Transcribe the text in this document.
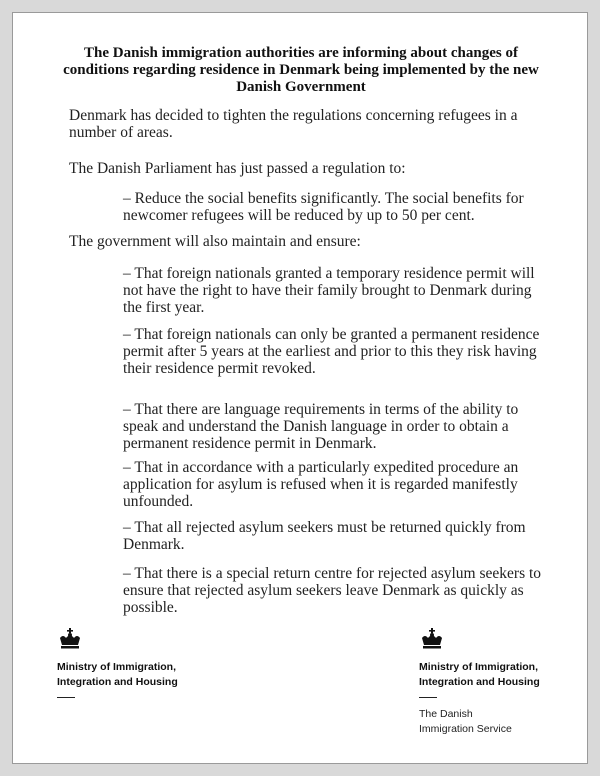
The Danish immigration authorities are informing about changes of conditions regarding residence in Denmark being implemented by the new Danish Government
Denmark has decided to tighten the regulations concerning refugees in a number of areas.
The Danish Parliament has just passed a regulation to:
– Reduce the social benefits significantly. The social benefits for newcomer refugees will be reduced by up to 50 per cent.
The government will also maintain and ensure:
– That foreign nationals granted a temporary residence permit will not have the right to have their family brought to Denmark during the first year.
– That foreign nationals can only be granted a permanent residence permit after 5 years at the earliest and prior to this they risk having their residence permit revoked.
– That there are language requirements in terms of the ability to speak and understand the Danish language in order to obtain a permanent residence permit in Denmark.
– That in accordance with a particularly expedited procedure an application for asylum is refused when it is regarded manifestly unfounded.
– That all rejected asylum seekers must be returned quickly from Denmark.
– That there is a special return centre for rejected asylum seekers to ensure that rejected asylum seekers leave Denmark as quickly as possible.
Ministry of Immigration,
Integration and Housing
Ministry of Immigration,
Integration and Housing
The Danish
Immigration Service
